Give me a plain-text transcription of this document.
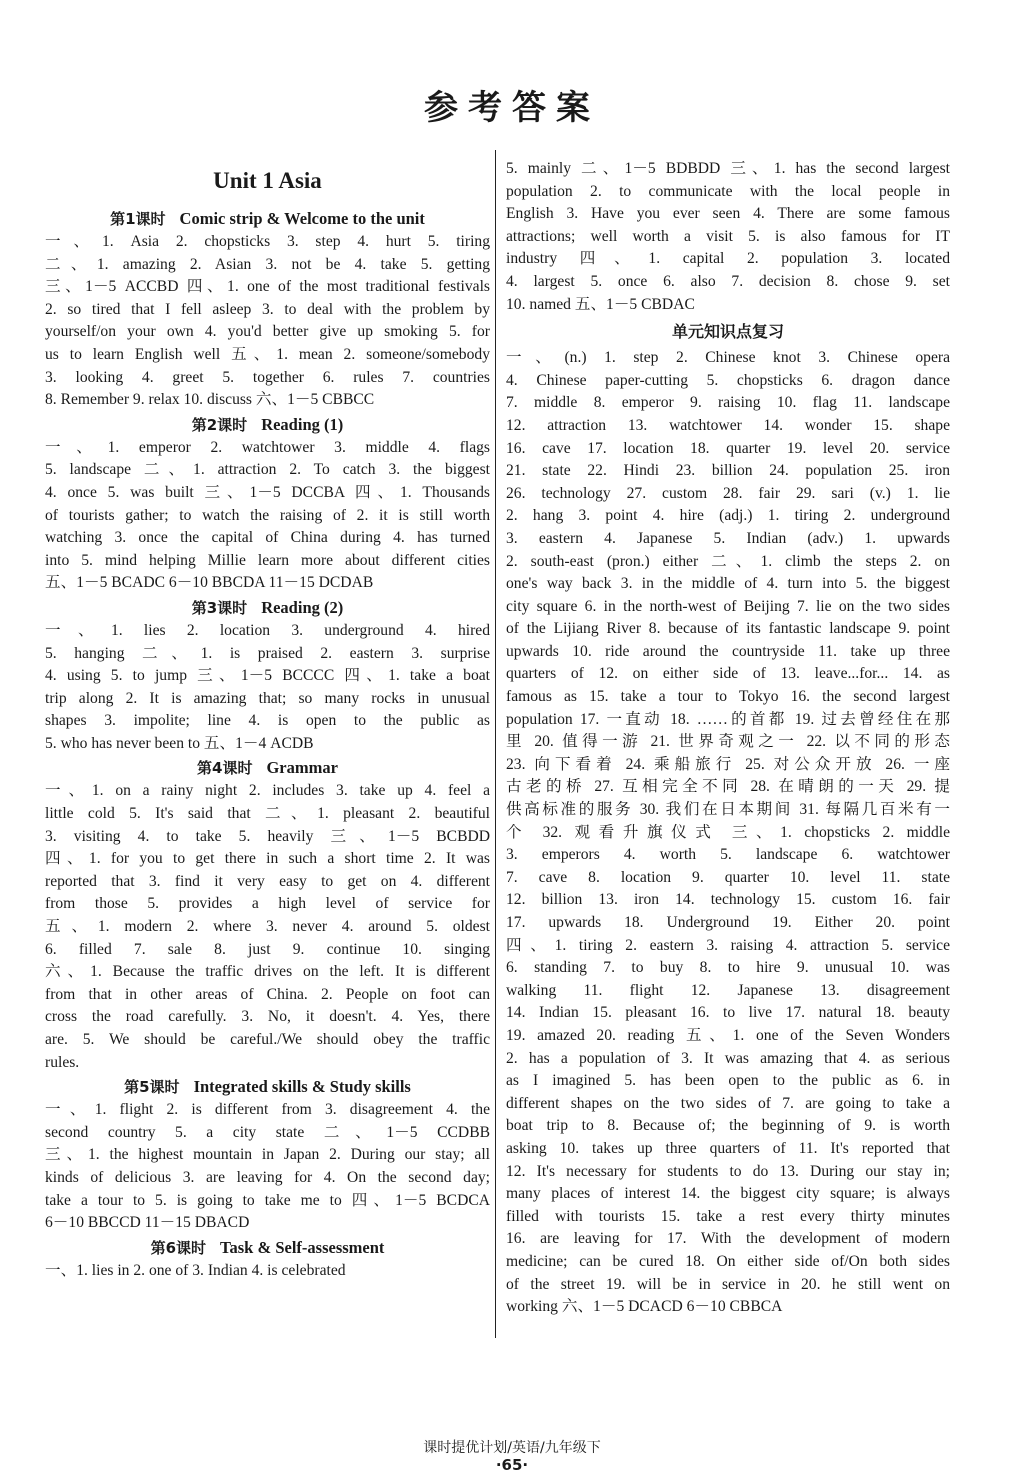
参考答案
Unit 1 Asia
第1课时 Comic strip & Welcome to the unit
一、1. Asia 2. chopsticks 3. step 4. hurt 5. tiring
二、1. amazing 2. Asian 3. not be 4. take 5. getting
三、1－5 ACCBD 四、1. one of the most traditional festivals
2. so tired that I fell asleep 3. to deal with the problem by
yourself/on your own 4. you'd better give up smoking 5. for
us to learn English well 五、1. mean 2. someone/somebody
3. looking 4. greet 5. together 6. rules 7. countries
8. Remember 9. relax 10. discuss 六、1－5 CBBCC
第2课时 Reading (1)
一、1. emperor 2. watchtower 3. middle 4. flags
5. landscape 二、1. attraction 2. To catch 3. the biggest
4. once 5. was built 三、1－5 DCCBA 四、1. Thousands
of tourists gather; to watch the raising of 2. it is still worth
watching 3. once the capital of China during 4. has turned
into 5. mind helping Millie learn more about different cities
五、1－5 BCADC 6－10 BBCDA 11－15 DCDAB
第3课时 Reading (2)
一、1. lies 2. location 3. underground 4. hired
5. hanging 二、1. is praised 2. eastern 3. surprise
4. using 5. to jump 三、1－5 BCCCC 四、1. take a boat
trip along 2. It is amazing that; so many rocks in unusual
shapes 3. impolite; line 4. is open to the public as
5. who has never been to 五、1－4 ACDB
第4课时 Grammar
一、1. on a rainy night 2. includes 3. take up 4. feel a
little cold 5. It's said that 二、1. pleasant 2. beautiful
3. visiting 4. to take 5. heavily 三、1－5 BCBDD
四、1. for you to get there in such a short time 2. It was
reported that 3. find it very easy to get on 4. different
from those 5. provides a high level of service for
五、1. modern 2. where 3. never 4. around 5. oldest
6. filled 7. sale 8. just 9. continue 10. singing
六、1. Because the traffic drives on the left. It is different
from that in other areas of China. 2. People on foot can
cross the road carefully. 3. No, it doesn't. 4. Yes, there
are. 5. We should be careful./We should obey the traffic
rules.
第5课时 Integrated skills & Study skills
一、1. flight 2. is different from 3. disagreement 4. the
second country 5. a city state 二、1－5 CCDBB
三、1. the highest mountain in Japan 2. During our stay; all
kinds of delicious 3. are leaving for 4. On the second day;
take a tour to 5. is going to take me to 四、1－5 BCDCA
6－10 BBCCD 11－15 DBACD
第6课时 Task & Self-assessment
一、1. lies in 2. one of 3. Indian 4. is celebrated
5. mainly 二、1－5 BDBDD 三、1. has the second largest
population 2. to communicate with the local people in
English 3. Have you ever seen 4. There are some famous
attractions; well worth a visit 5. is also famous for IT
industry 四、1. capital 2. population 3. located
4. largest 5. once 6. also 7. decision 8. chose 9. set
10. named 五、1－5 CBDAC
单元知识点复习
一、(n.) 1. step 2. Chinese knot 3. Chinese opera
4. Chinese paper-cutting 5. chopsticks 6. dragon dance
7. middle 8. emperor 9. raising 10. flag 11. landscape
12. attraction 13. watchtower 14. wonder 15. shape
16. cave 17. location 18. quarter 19. level 20. service
21. state 22. Hindi 23. billion 24. population 25. iron
26. technology 27. custom 28. fair 29. sari (v.) 1. lie
2. hang 3. point 4. hire (adj.) 1. tiring 2. underground
3. eastern 4. Japanese 5. Indian (adv.) 1. upwards
2. south-east (pron.) either 二、1. climb the steps 2. on
one's way back 3. in the middle of 4. turn into 5. the biggest
city square 6. in the north-west of Beijing 7. lie on the two sides
of the Lijiang River 8. because of its fantastic landscape 9. point
upwards 10. ride around the countryside 11. take up three
quarters of 12. on either side of 13. leave...for... 14. as
famous as 15. take a tour to Tokyo 16. the second largest
population 17. 一直动 18. ……的首都 19. 过去曾经住在那
里 20. 值得一游 21. 世界奇观之一 22. 以不同的形态
23. 向下看着 24. 乘船旅行 25. 对公众开放 26. 一座
古老的桥 27. 互相完全不同 28. 在晴朗的一天 29. 提
供高标准的服务 30. 我们在日本期间 31. 每隔几百米有一
个 32. 观看升旗仪式 三、1. chopsticks 2. middle
3. emperors 4. worth 5. landscape 6. watchtower
7. cave 8. location 9. quarter 10. level 11. state
12. billion 13. iron 14. technology 15. custom 16. fair
17. upwards 18. Underground 19. Either 20. point
四、1. tiring 2. eastern 3. raising 4. attraction 5. service
6. standing 7. to buy 8. to hire 9. unusual 10. was
walking 11. flight 12. Japanese 13. disagreement
14. Indian 15. pleasant 16. to live 17. natural 18. beauty
19. amazed 20. reading 五、1. one of the Seven Wonders
2. has a population of 3. It was amazing that 4. as serious
as I imagined 5. has been open to the public as 6. in
different shapes on the two sides of 7. are going to take a
boat trip to 8. Because of; the beginning of 9. is worth
asking 10. takes up three quarters of 11. It's reported that
12. It's necessary for students to do 13. During our stay in;
many places of interest 14. the biggest city square; is always
filled with tourists 15. take a rest every thirty minutes
16. are leaving for 17. With the development of modern
medicine; can be cured 18. On either side of/On both sides
of the street 19. will be in service in 20. he still went on
working 六、1－5 DCACD 6－10 CBBCA
课时提优计划/英语/九年级下
·65·
